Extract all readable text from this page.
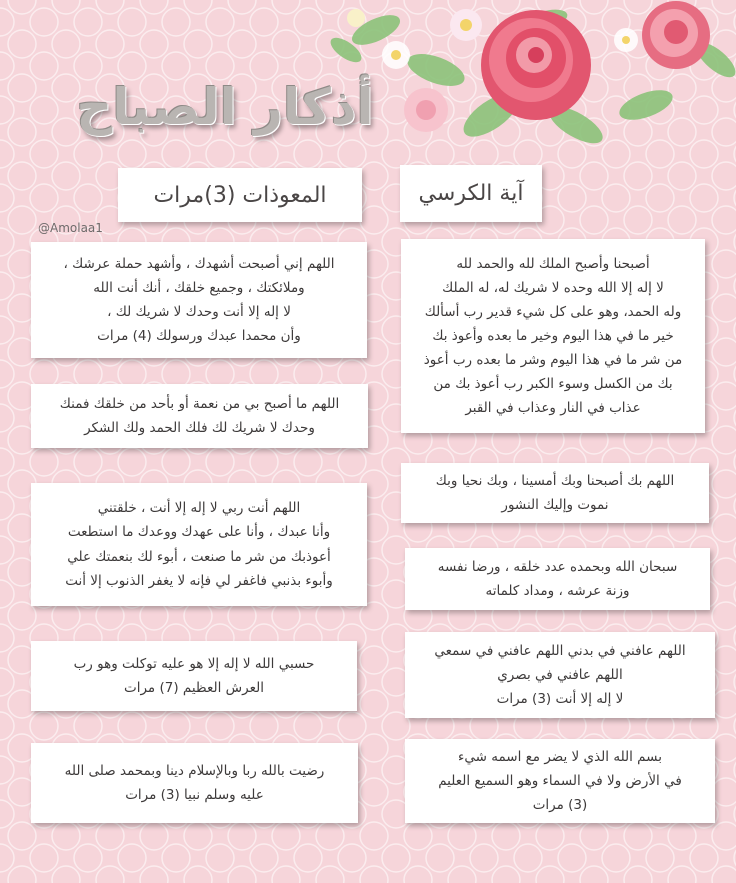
أذكار الصباح
آية الكرسي
المعوذات (3)مرات
@Amolaa1
أصبحنا وأصبح الملك لله والحمد لله
لا إله إلا الله وحده لا شريك له، له الملك
وله الحمد، وهو على كل شيء قدير رب أسألك
خير ما في هذا اليوم وخير ما بعده وأعوذ بك
من شر ما في هذا اليوم وشر ما بعده رب أعوذ
بك من الكسل وسوء الكبر رب أعوذ بك من
عذاب في النار وعذاب في القبر
اللهم بك أصبحنا وبك أمسينا ، وبك نحيا وبك
نموت وإليك النشور
سبحان الله وبحمده عدد خلقه ، ورضا نفسه
وزنة عرشه ، ومداد كلماته
اللهم عافني في بدني اللهم عافني في سمعي
اللهم عافني في بصري
لا إله إلا أنت (3) مرات
بسم الله الذي لا يضر مع اسمه شيء
في الأرض ولا في السماء وهو السميع العليم
(3) مرات
اللهم إني أصبحت أشهدك ، وأشهد حملة عرشك ،
وملائكتك ، وجميع خلقك ، أنك أنت الله
لا إله إلا أنت وحدك لا شريك لك ،
وأن محمدا عبدك ورسولك (4) مرات
اللهم ما أصبح بي من نعمة أو بأحد من خلقك فمنك
وحدك لا شريك لك فلك الحمد ولك الشكر
اللهم أنت ربي لا إله إلا أنت ، خلقتني
وأنا عبدك ، وأنا على عهدك ووعدك ما استطعت
أعوذبك من شر ما صنعت ، أبوء لك بنعمتك علي
وأبوء بذنبي فاغفر لي فإنه لا يغفر الذنوب إلا أنت
حسبي الله لا إله إلا هو عليه توكلت وهو رب
العرش العظيم (7) مرات
رضيت بالله ربا وبالإسلام دينا وبمحمد صلى الله
عليه وسلم نبيا (3) مرات
